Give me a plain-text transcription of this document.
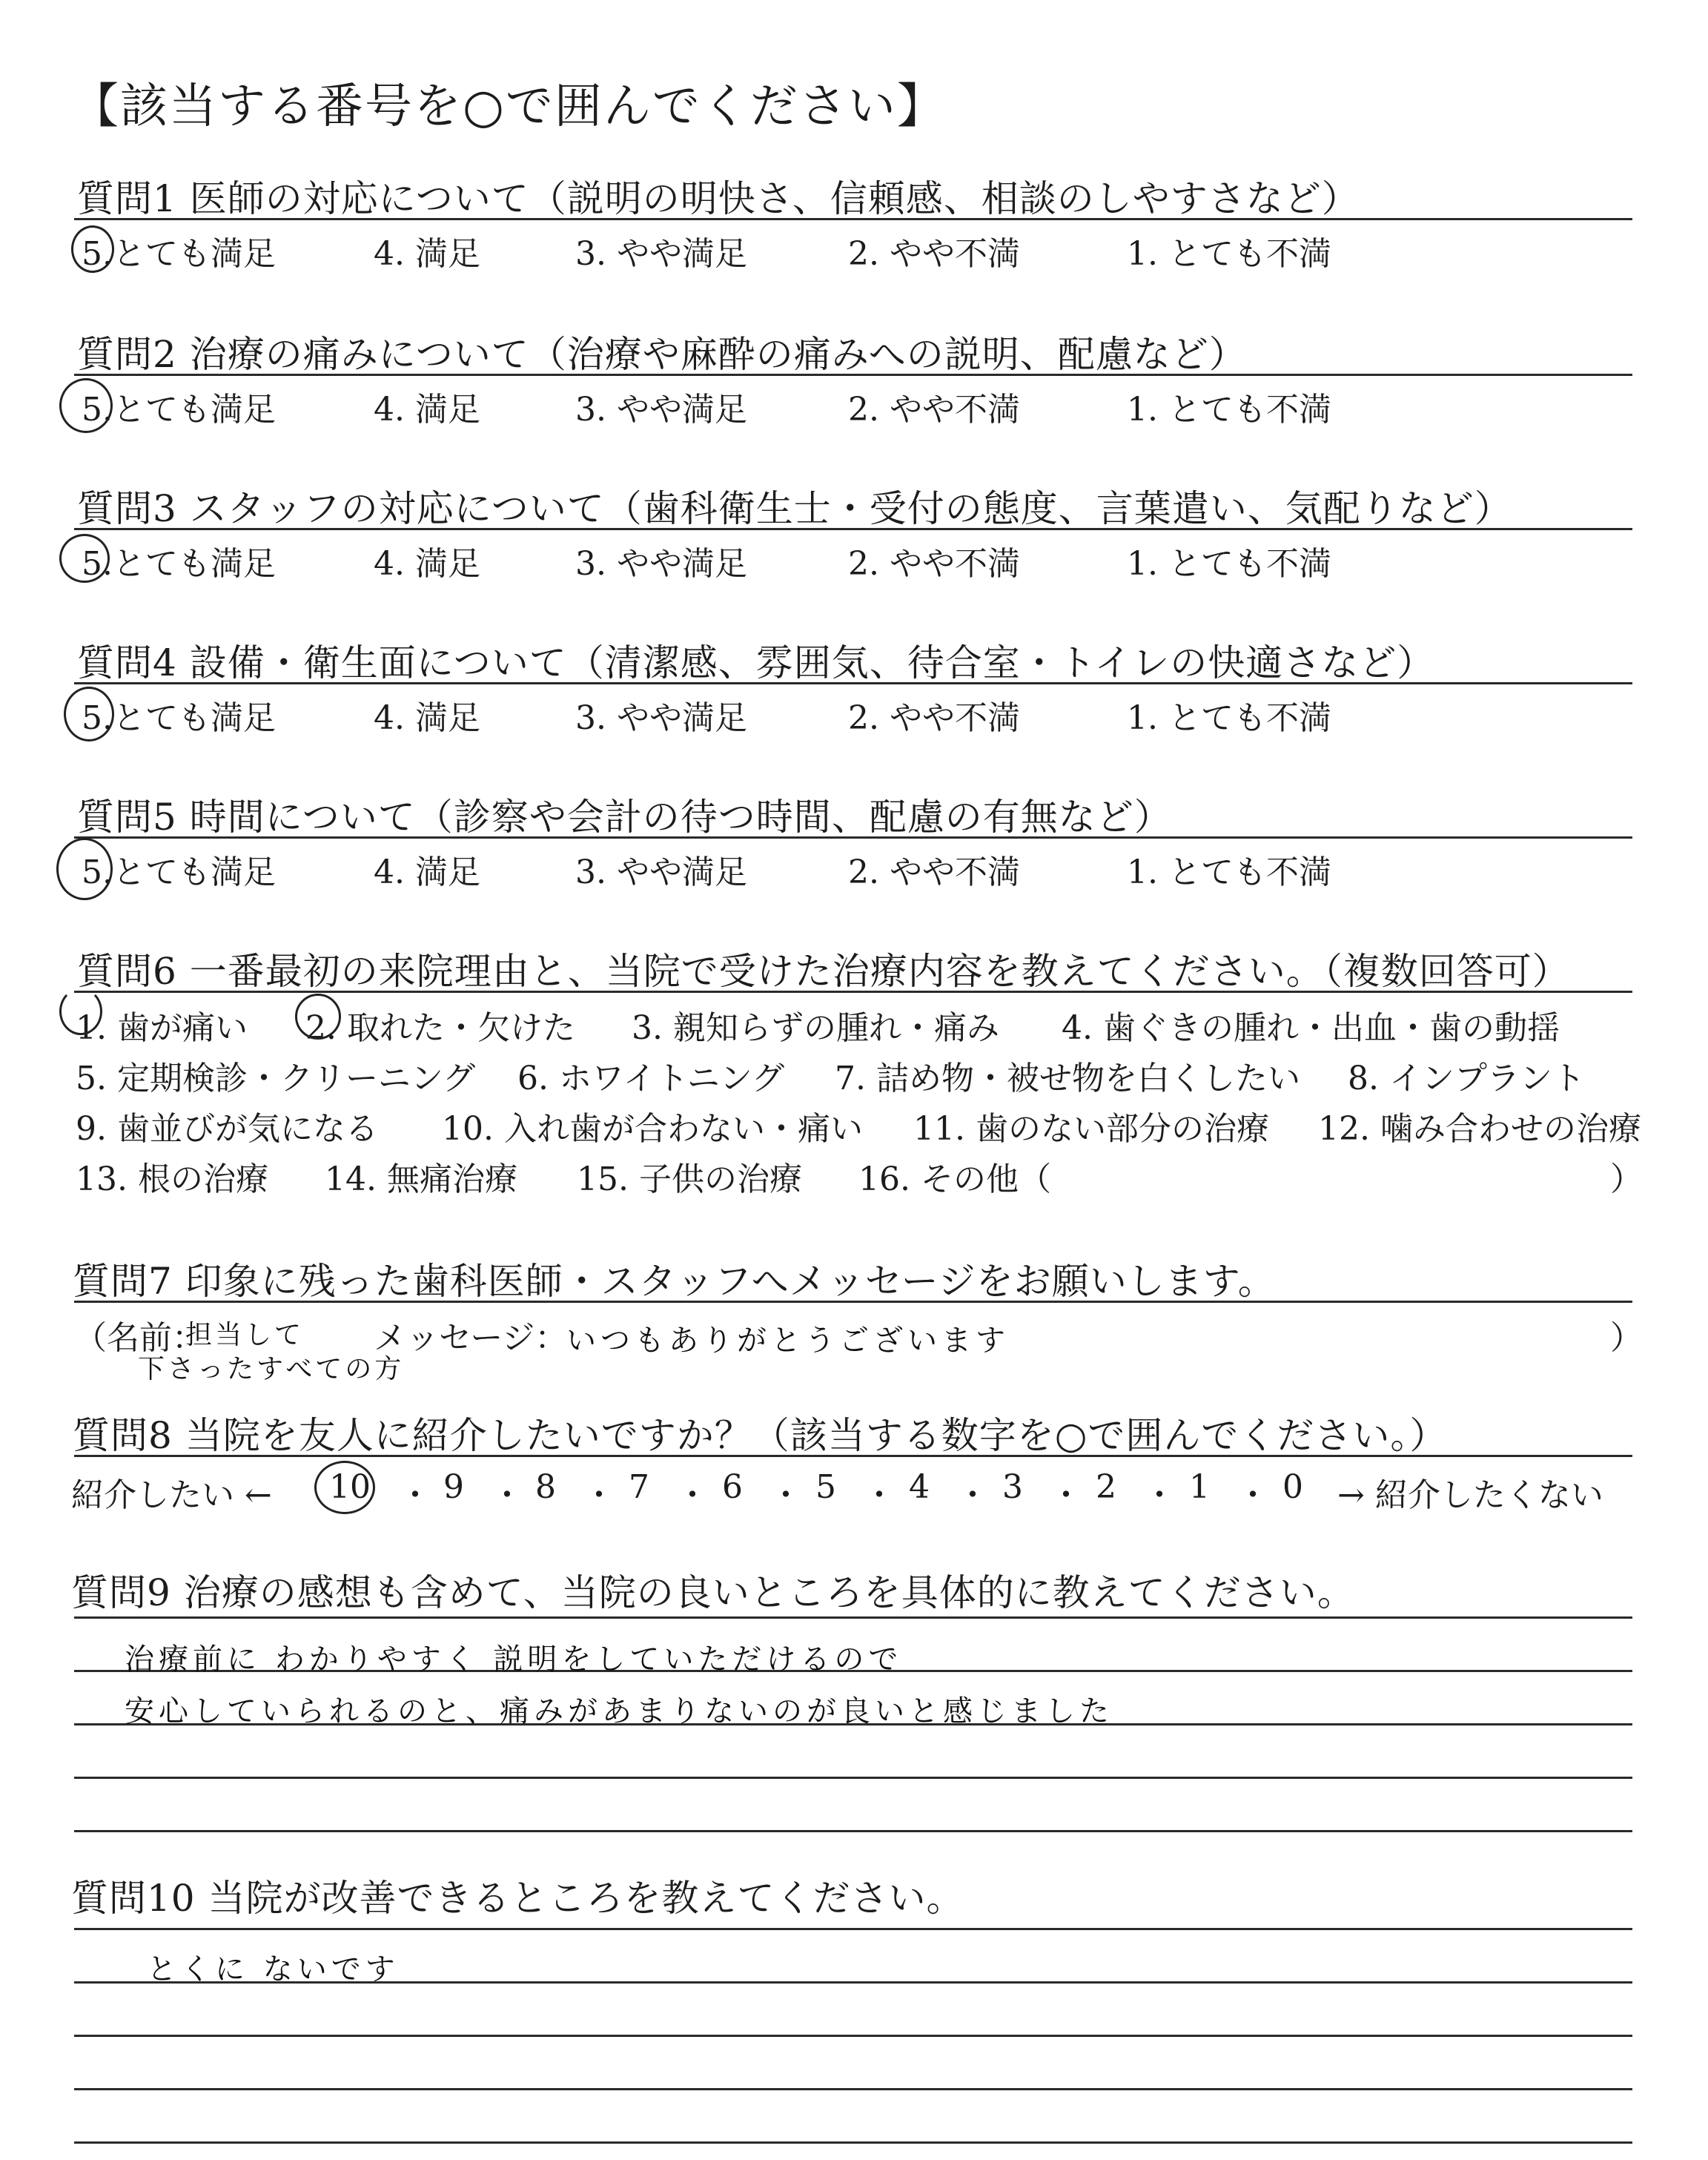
【該当する番号を○で囲んでください】
質問1 医師の対応について（説明の明快さ、信頼感、相談のしやすさなど）
5.とても満足	4. 満足	3. やや満足	2. やや不満	1. とても不満
質問2 治療の痛みについて（治療や麻酔の痛みへの説明、配慮など）
5.とても満足	4. 満足	3. やや満足	2. やや不満	1. とても不満
質問3 スタッフの対応について（歯科衛生士・受付の態度、言葉遣い、気配りなど）
5.とても満足	4. 満足	3. やや満足	2. やや不満	1. とても不満
質問4 設備・衛生面について（清潔感、雰囲気、待合室・トイレの快適さなど）
5.とても満足	4. 満足	3. やや満足	2. やや不満	1. とても不満
質問5 時間について（診察や会計の待つ時間、配慮の有無など）
5.とても満足	4. 満足	3. やや満足	2. やや不満	1. とても不満
質問6 一番最初の来院理由と、当院で受けた治療内容を教えてください。（複数回答可）
1. 歯が痛い 2. 取れた・欠けた 3. 親知らずの腫れ・痛み 4. 歯ぐきの腫れ・出血・歯の動揺
5. 定期検診・クリーニング 6. ホワイトニング 7. 詰め物・被せ物を白くしたい 8. インプラント
9. 歯並びが気になる 10. 入れ歯が合わない・痛い 11. 歯のない部分の治療 12. 噛み合わせの治療
13. 根の治療 14. 無痛治療 15. 子供の治療 16. その他（	）
質問7 印象に残った歯科医師・スタッフへメッセージをお願いします。
（名前：
担当して
下さったすべての方
メッセージ：
いつもありがとうございます	）
質問8 当院を友人に紹介したいですか？（該当する数字を○で囲んでください。）
紹介したい ← 10 ・ 9 ・ 8 ・ 7 ・ 6 ・ 5 ・ 4 ・ 3 ・ 2 ・ 1 ・ 0 → 紹介したくない
質問9 治療の感想も含めて、当院の良いところを具体的に教えてください。
治療前に わかりやすく 説明をしていただけるので
安心していられるのと、痛みがあまりないのが良いと感じました
質問10 当院が改善できるところを教えてください。
とくに ないです
